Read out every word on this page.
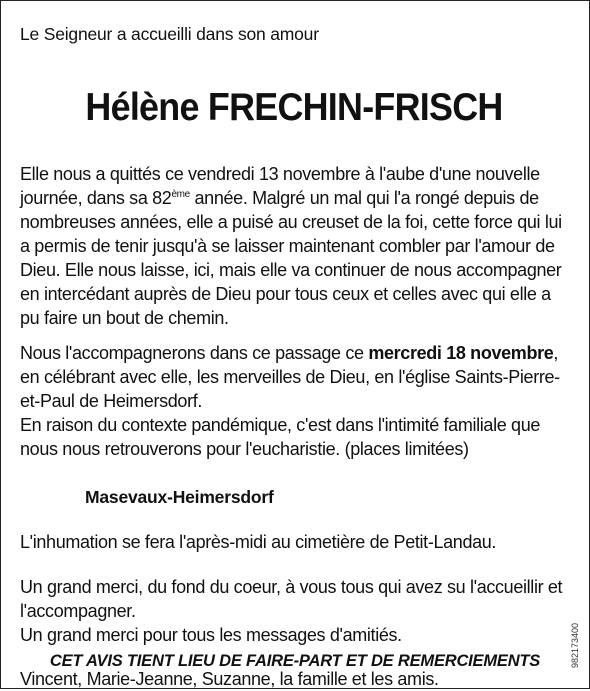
Le Seigneur a accueilli dans son amour

Hélène FRECHIN-FRISCH

Elle nous a quittés ce vendredi 13 novembre à l'aube d'une nouvelle journée, dans sa 82ème année. Malgré un mal qui l'a rongé depuis de nombreuses années, elle a puisé au creuset de la foi, cette force qui lui a permis de tenir jusqu'à se laisser maintenant combler par l'amour de Dieu. Elle nous laisse, ici, mais elle va continuer de nous accompagner en intercédant auprès de Dieu pour tous ceux et celles avec qui elle a pu faire un bout de chemin.

Nous l'accompagnerons dans ce passage ce mercredi 18 novembre, en célébrant avec elle, les merveilles de Dieu, en l'église Saints-Pierre-et-Paul de Heimersdorf.
En raison du contexte pandémique, c'est dans l'intimité familiale que nous nous retrouverons pour l'eucharistie. (places limitées)

Masevaux-Heimersdorf

L'inhumation se fera l'après-midi au cimetière de Petit-Landau.

Un grand merci, du fond du coeur, à vous tous qui avez su l'accueillir et l'accompagner.
Un grand merci pour tous les messages d'amitiés.

Vincent, Marie-Jeanne, Suzanne, la famille et les amis.

CET AVIS TIENT LIEU DE FAIRE-PART ET DE REMERCIEMENTS	982173400
